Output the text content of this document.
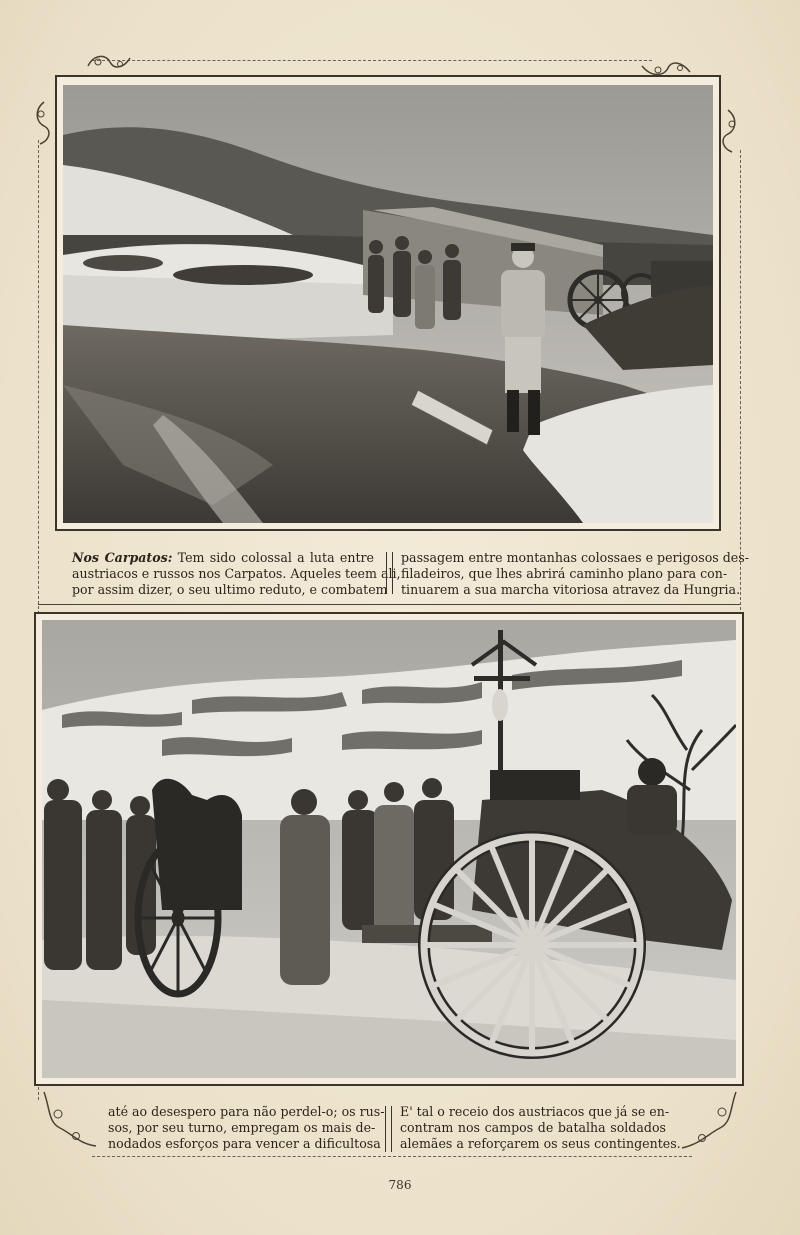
Nos Carpatos: Tem sido colossal a luta entre
austriacos e russos nos Carpatos. Aqueles teem ali,
por assim dizer, o seu ultimo reduto, e combatem
passagem entre montanhas colossaes e perigosos des-
filadeiros, que lhes abrirá caminho plano para con-
tinuarem a sua marcha vitoriosa atravez da Hungria.
até ao desespero para não perdel-o; os rus-
sos, por seu turno, empregam os mais de-
nodados esforços para vencer a dificultosa
E' tal o receio dos austriacos que já se en-
contram nos campos de batalha soldados
alemães a reforçarem os seus contingentes.
786
